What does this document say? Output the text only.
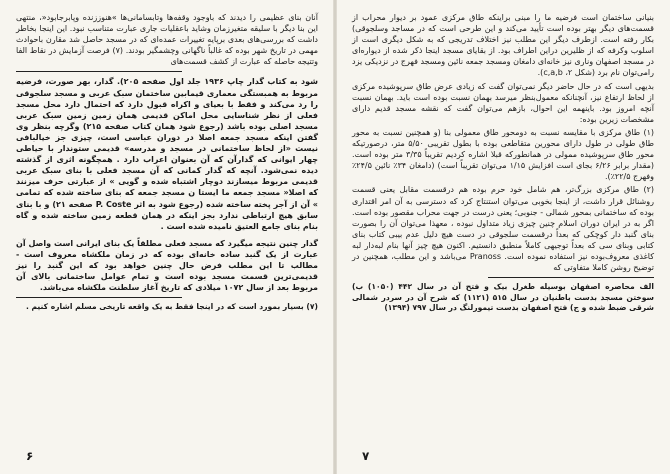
آنان بنای عظیمی را دیدند که باوجود وقفه‌ها وتابسامانی‌ها »هنوززنده وپابرجابود«، منتهی این بنا دیگر با سلیقه متغیرزمان وشاید باعقلیات جاری عبارت متناسب نبود. این اینجا بخاطر داشت که بررسی‌های بعدی برپایه تغییرات عمده‌ای که در مسجد حاصل شد مقارن باحوادث مهمی در تاریخ شهر بوده که غالباً ناگهانی وچشمگیر بودند. (۷) فرصت آزمایش در نقاط الفا وتتیجه حاصله که عبارت از کشف قسمت‌های

شود به کتاب گدار چاپ ۱۹۳۶ جلد اول صفحه ۲۰۵). گدار، بهر صورت، فرضیه مربوط به همبستگی معماری قیمابین ساختمان سبک عربی و مسجد سلجوقی را رد می‌کند و فقط با بعیای و اکراه قبول دارد که احتمال دارد محل مسجد فعلی از نظر شناسایی محل اماکن قدیمی همان زمین زمین سبک عربی مسجد اصلی بوده باشد (رجوع شود همان کتاب صفحه ۲۱۵) وگرچه بنظر وی گفتن اینکه مسجد جمعه اصلا در دوران عباسی است، چیزی جز خیالبافی نیست «از لحاظ ساختمانی در مسجد و مدرسه» قدیمی ستوندار با حیاطی چهار ایوانی که گدارآن که آن بعنوان اعراب دارد . همچگونه اثری از گذشته دیده نمی‌شود. آنچه که گدار کمانی که آن مسجد فعلی با بنای سبک عربی قدیمی مربوط میسازند دوچار اشتباه شده و گویی » از عبارتی حرف میزنند که اصلا« مسجد جمعه ما ایستا ن مسجد جمعه که بنای ساخته شده که تمامی » آن از آجر پخته ساخته شده (رجوع شود به اثر P. Coste صفحه ۲۱) و با بنای سابق هیچ ارتباطی ندارد بجز اینکه در همان قطعه زمین ساخته شده و گاه بنام بنای جامع العتیق نامیده شده است .

گدار چنین نتیجه میگیرد که مسجد فعلی مطلقاً یک بنای ایرانی است واصل آن عبارت از یک گنبد ساده خانه‌ای بوده که در زمان ملکشاه معروف است - مطالب تا این مطلب فرض حال چنین خواهد بود که این گنبد را نیز قدیمی‌ترین قسمت مسجد بوده است و تمام عوامل ساختمانی بالای آن مربوط بعد از سال ۱۰۷۲ میلادی که تاریخ آغاز سلطنت ملکشاه می‌باشد.

(۷) بسیار بمورد است که در اینجا فقط به یک واقعه تاریخی مسلم اشاره کنیم .

۶

بنیانی ساختمان است فرضیه ما را مبنی براینکه طاق مرکزی عمود بر دیوار محراب از قسمت‌های دیگر بهتر بوده است تأیید می‌کند و این طرحی است که در مساجد وسلجوقی) بکار رفته است. ازطرف دیگر این مطلب نیز اختلاف تدریجی که به شکل دیگری است از اسلوب وکرفه که از ظلیرین دراین اطراف بود. از بقایای مسجد اینجا ذکر شده از دیواره‌ای در مسجد اصفهان وناری نیز خانه‌ای دامغان ومسجد جمعه نائین ومسجد فهرج در نزدیکی یزد رامی‌توان نام برد (شکل ۲، c,a,b).

بدیهی است که در حال حاضر دیگر نمی‌توان گفت که زیادی عرض طاق سرپوشیده مرکزی از لحاظ ارتفاع نیز، آنچنانکه معمول‌بنظر میرسد بهمان نسبت بوده است باید. بهمان نسبت آنچه امروز بود. باینهمه این احوال، بازهم می‌توان گفت که نقشه مسجد قدیم دارای مشخصات زیرین بوده:

(۱) طاق مرکزی با مقایسه نسبت به دومحور طاق معمولی بنا (و همچنین نسبت به محور طاق طولی در طول دارای محورین متقاطعی بوده با بطول تقریبی ۵/۵۰ متر، درصورتیکه محور طاق سرپوشیده ممولی در همانطورکه قبلا اشاره کردیم تقریباً ۳/۳۵ متر بوده است. (مقدار برابر ۶/۲۶ بجای است افزایش ۱/۱۵ می‌توان تقریباً است) (دامغان ۳۴٪ نائین ۲۴/۵٪ وفهرج ۲۲/۵٪).

(۲) طاق مرکزی بزرگ‌تر، هم شامل خود حرم بوده هم درقسمت مقابل یعنی قسمت روشنائل قرار داشت، از اینجا بخوبی می‌توان استنتاج کرد که دسترسی به آن امر اقتداری بوده که ساختمانی بمحور شمالی - جنوبی؛ یعنی درست در جهت محراب مقصور بوده است. اگر به در ایران دوران اسلام چنین چیزی زیاد متداول نبوده ، معهذا می‌توان آن را بصورت بنای گنبد دار کوچکی که بعداً درقسمت سلجوقی در دست هیچ دلیل عدم بیبی کتاب بنای کتابی وبنای سی که بعداً توجیهی کاملاً منطبق دانستیم. اکنون هیچ چیز آنها بنام لبه‌دار لبه کاغذی معروف‌بوده نیز استفاده نموده است. Pranoss می‌باشد و این مطلب، همچنین در توضیح روشن کاملا متفاوتی که

الف محاصره اصفهان بوسیله طغرل بیک و فتح آن در سال ۴۴۲ (۱۰۵۰) ب) سوختن مسجد بدست باطنیان در سال ۵۱۵ (۱۱۲۱) که شرح آن در سردر شمالی شرقی ضبط شده و ج) فتح اصفهان بدست تیمورلنگ در سال ۷۹۷ (۱۳۹۴)

۷
